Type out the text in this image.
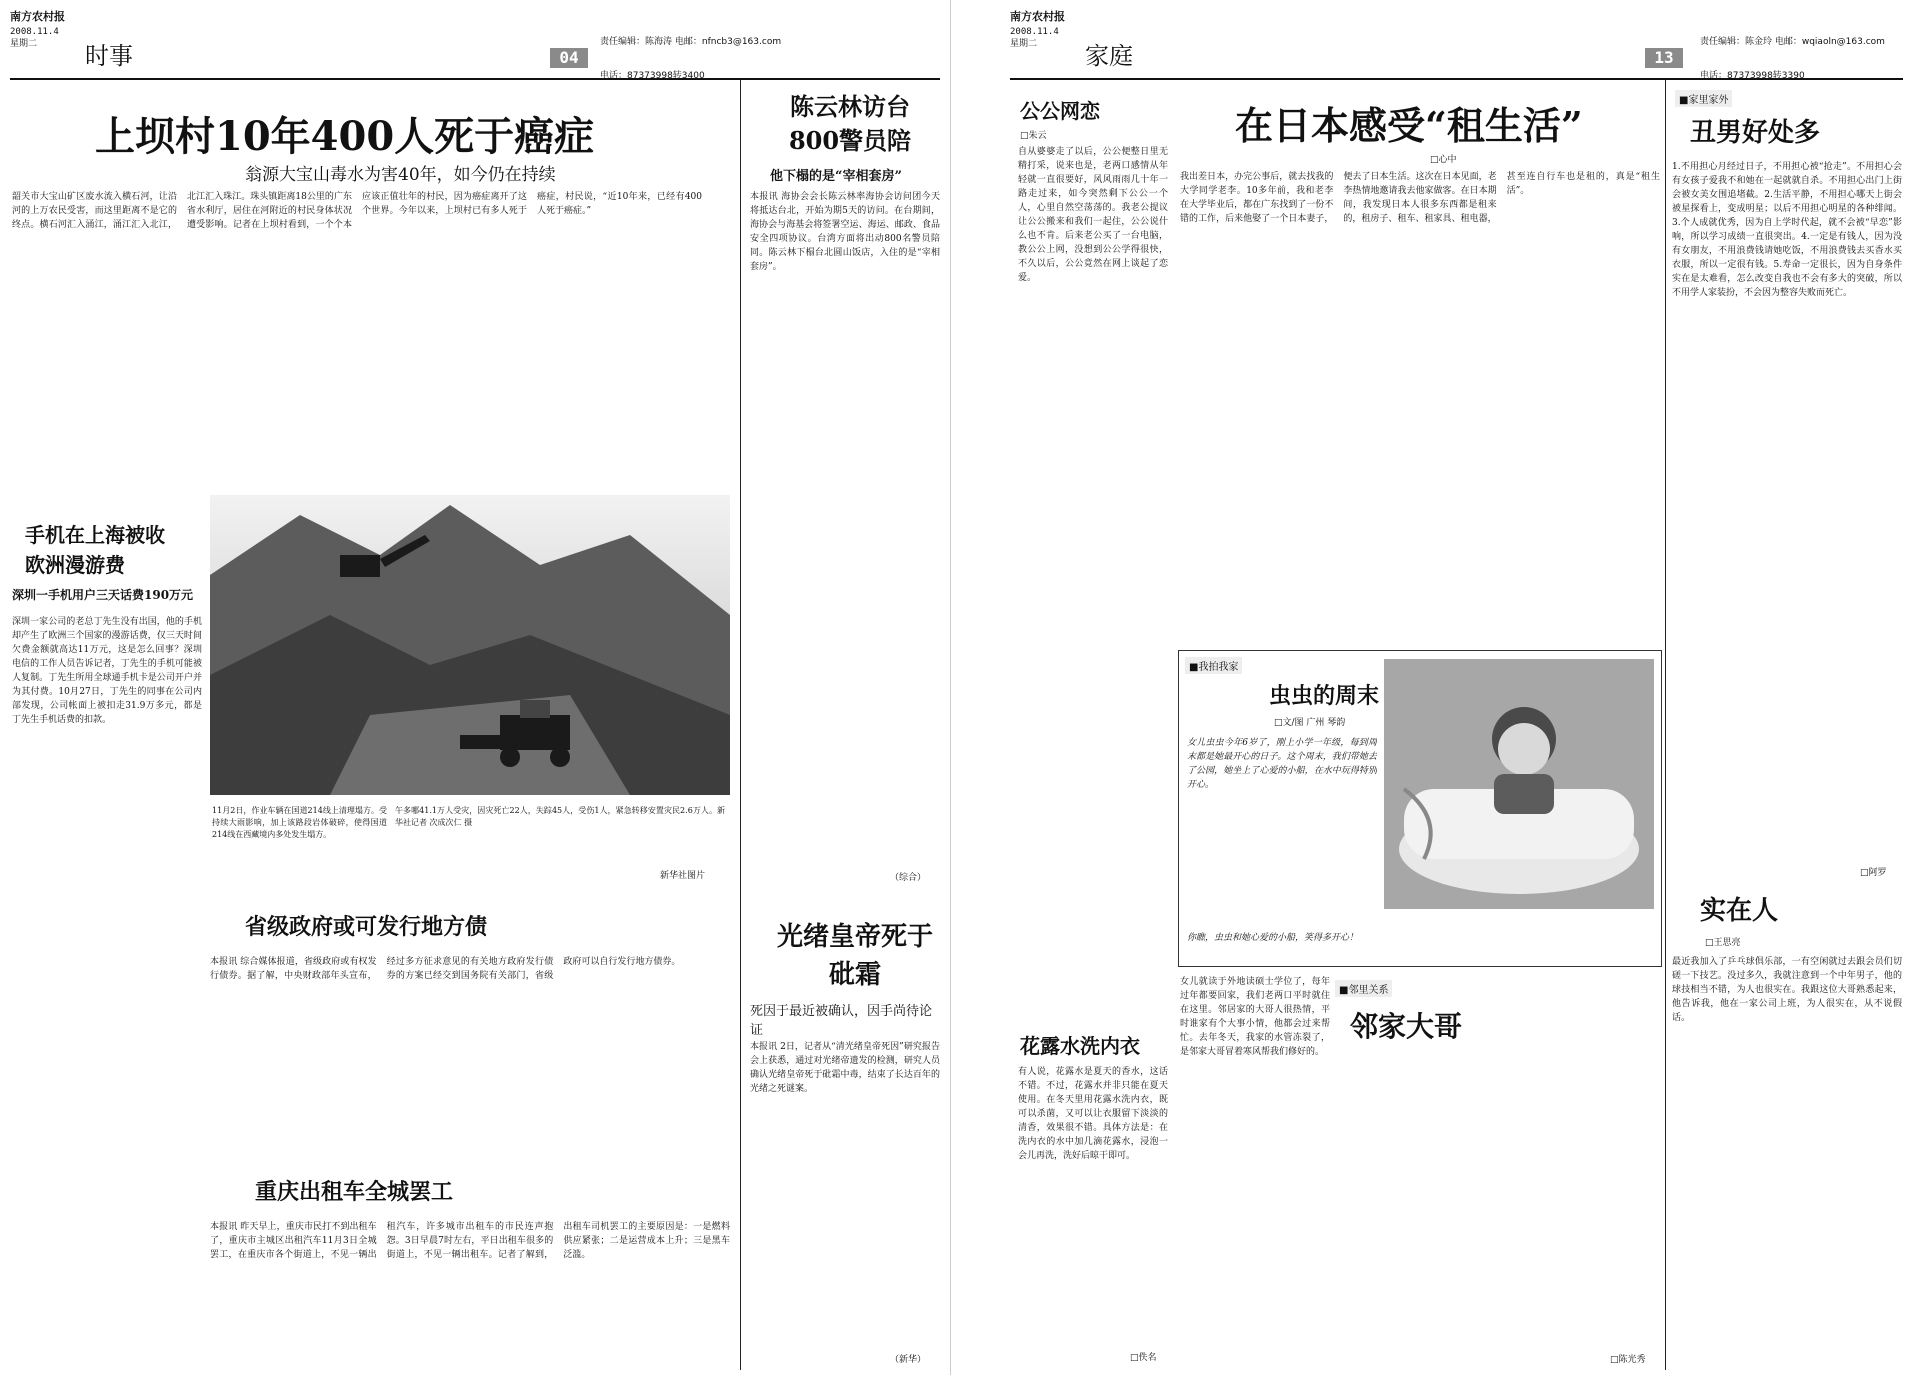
南方农村报
2008.11.4
星期二	时事	责任编辑：陈海涛 电邮：nfncb3@163.com
04
电话：87373998转3400
上坝村10年400人死于癌症
翁源大宝山毒水为害40年，如今仍在持续
韶关市大宝山矿区废水流入横石河，让沿河的上万农民受害，而这里距离不是它的终点。横石河汇入涌江，涌江汇入北江，北江汇入珠江。珠头镇距离18公里的广东省水利厅，居住在河附近的村民身体状况遭受影响。记者在上坝村看到，一个个本应该正值壮年的村民，因为癌症离开了这个世界。今年以来，上坝村已有多人死于癌症，村民说，“近10年来，已经有400人死于癌症。”
陈云林访台800警员陪
他下榻的是“宰相套房”
本报讯 海协会会长陈云林率海协会访问团今天将抵达台北，开始为期5天的访问。在台期间，海协会与海基会将签署空运、海运、邮政、食品安全四项协议。台湾方面将出动800名警员陪同。陈云林下榻台北圆山饭店，入住的是“宰相套房”。
（综合）
光绪皇帝死于砒霜
死因于最近被确认，因手尚待论证
本报讯 2日，记者从“清光绪皇帝死因”研究报告会上获悉，通过对光绪帝遗发的检测，研究人员确认光绪皇帝死于砒霜中毒，结束了长达百年的光绪之死谜案。
（新华）
手机在上海被收欧洲漫游费
深圳一手机用户三天话费190万元
深圳一家公司的老总丁先生没有出国，他的手机却产生了欧洲三个国家的漫游话费，仅三天时间欠费金额就高达11万元，这是怎么回事？深圳电信的工作人员告诉记者，丁先生的手机可能被人复制。丁先生所用全球通手机卡是公司开户并为其付费。10月27日，丁先生的同事在公司内部发现，公司帐面上被扣走31.9万多元，都是丁先生手机话费的扣款。
11月2日，作业车辆在国道214线上清理塌方。受持续大雨影响，加上该路段岩体破碎，使得国道214线在西藏境内多处发生塌方。
午多哪41.1万人受灾，因灾死亡22人，失踪45人，受伤1人，紧急转移安置灾民2.6万人。新华社记者 次成次仁 摄
新华社图片
省级政府或可发行地方债
本报讯 综合媒体报道，省级政府或有权发行债券。据了解，中央财政部年头宣布，经过多方征求意见的有关地方政府发行债券的方案已经交到国务院有关部门，省级政府可以自行发行地方债券。
重庆出租车全城罢工
本报讯 昨天早上，重庆市民打不到出租车了，重庆市主城区出租汽车11月3日全城罢工，在重庆市各个街道上，不见一辆出租汽车，许多城市出租车的市民连声抱怨。3日早晨7时左右，平日出租车很多的街道上，不见一辆出租车。记者了解到，出租车司机罢工的主要原因是：一是燃料供应紧张；二是运营成本上升；三是黑车泛滥。
南方农村报
2008.11.4
星期二	家庭	责任编辑：陈金玲 电邮：wqiaoln@163.com
13
电话：87373998转3390
公公网恋
□朱云
自从婆婆走了以后，公公便整日里无精打采，说来也是，老两口感情从年轻就一直很要好，风风雨雨几十年一路走过来，如今突然剩下公公一个人，心里自然空荡荡的。我老公提议让公公搬来和我们一起住，公公说什么也不肯。后来老公买了一台电脑，教公公上网，没想到公公学得很快，不久以后，公公竟然在网上谈起了恋爱。
在日本感受“租生活”
□心中
我出差日本，办完公事后，就去找我的大学同学老李。10多年前，我和老李在大学毕业后，都在广东找到了一份不错的工作，后来他娶了一个日本妻子，便去了日本生活。这次在日本见面，老李热情地邀请我去他家做客。在日本期间，我发现日本人很多东西都是租来的，租房子、租车、租家具、租电器，甚至连自行车也是租的，真是“租生活”。
■家里家外
丑男好处多
1.不用担心月经过日子，不用担心被“抢走”。不用担心会有女孩子爱我不和她在一起就就自杀。不用担心出门上街会被女美女围追堵截。2.生活平静，不用担心哪天上街会被星探看上，变成明星；以后不用担心明星的各种绯闻。3.个人成就优秀，因为自上学时代起，就不会被“早恋”影响，所以学习成绩一直很突出。4.一定是有钱人，因为没有女朋友，不用浪费钱请她吃饭，不用浪费钱去买香水买衣服，所以一定很有钱。5.寿命一定很长，因为自身条件实在是太难看，怎么改变自我也不会有多大的突破，所以不用学人家装扮，不会因为整容失败而死亡。
□阿罗
实在人
□王思亮
最近我加入了乒乓球俱乐部，一有空闲就过去跟会员们切磋一下技艺。没过多久，我就注意到一个中年男子，他的球技相当不错，为人也很实在。我跟这位大哥熟悉起来，他告诉我，他在一家公司上班，为人很实在，从不说假话。
■我拍我家
虫虫的周末
□文/图 广州 琴韵
女儿虫虫今年6岁了，刚上小学一年级，每到周末都是她最开心的日子。这个周末，我们带她去了公园，她坐上了心爱的小船，在水中玩得特别开心。
你瞧，虫虫和她心爱的小船，笑得多开心！
花露水洗内衣
有人说，花露水是夏天的香水，这话不错。不过，花露水并非只能在夏天使用。在冬天里用花露水洗内衣，既可以杀菌，又可以让衣服留下淡淡的清香，效果很不错。具体方法是：在洗内衣的水中加几滴花露水，浸泡一会儿再洗，洗好后晾干即可。
□佚名
■邻里关系
邻家大哥
女儿就读于外地读硕士学位了，每年过年都要回家，我们老两口平时就住在这里。邻居家的大哥人很热情，平时谁家有个大事小情，他都会过来帮忙。去年冬天，我家的水管冻裂了，是邻家大哥冒着寒风帮我们修好的。
□陈光秀
